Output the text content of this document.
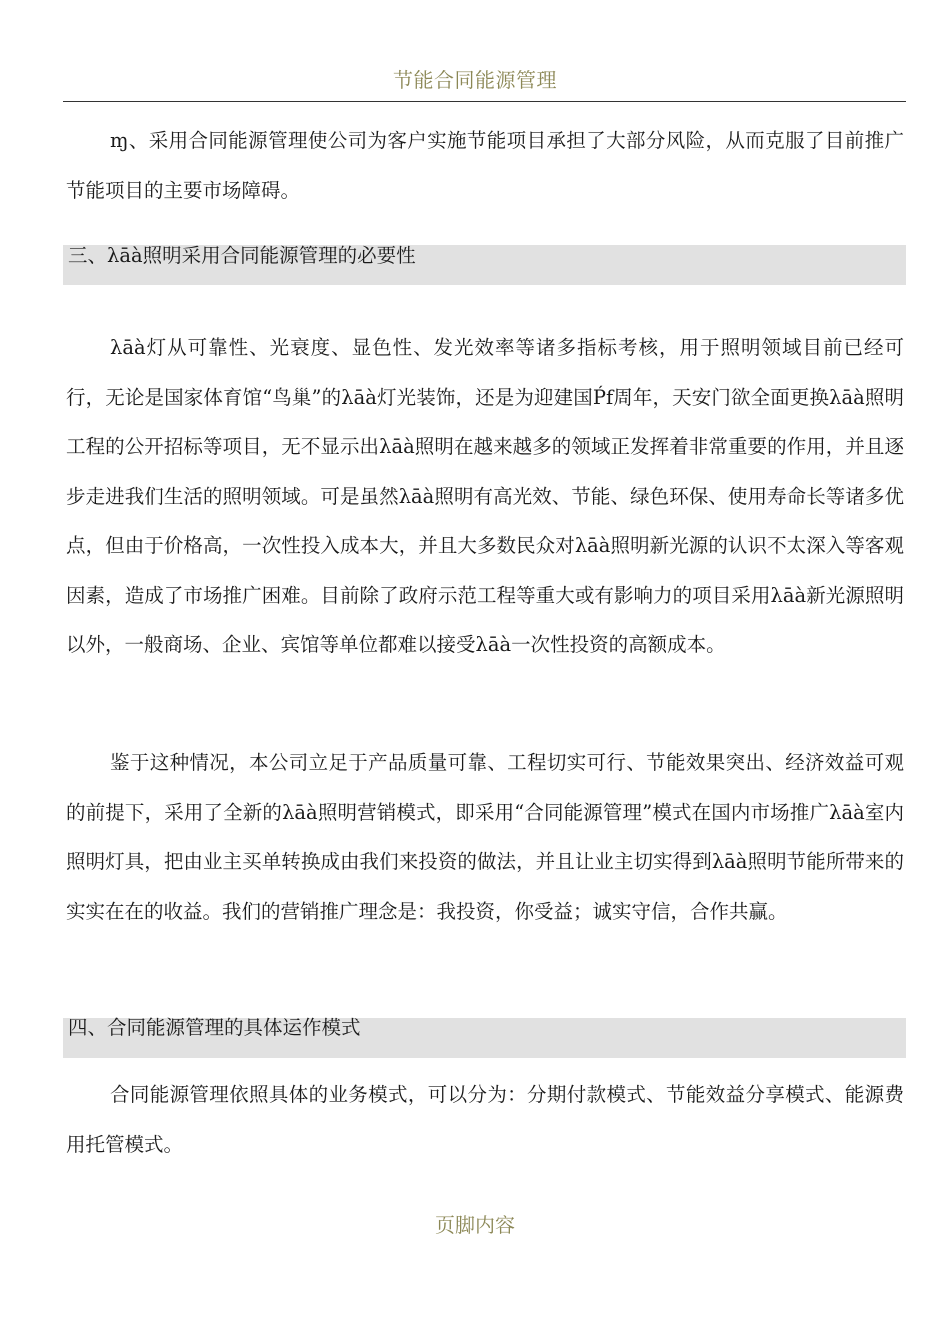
节能合同能源管理

ɱ、采用合同能源管理使公司为客户实施节能项目承担了大部分风险，从而克服了目前推广节能项目的主要市场障碍。

三、λāà照明采用合同能源管理的必要性

λāà灯从可靠性、光衰度、显色性、发光效率等诸多指标考核，用于照明领域目前已经可行，无论是国家体育馆“鸟巢”的λāà灯光装饰，还是为迎建国Ṕf周年，天安门欲全面更换λāà照明工程的公开招标等项目，无不显示出λāà照明在越来越多的领域正发挥着非常重要的作用，并且逐步走进我们生活的照明领域。可是虽然λāà照明有高光效、节能、绿色环保、使用寿命长等诸多优点，但由于价格高，一次性投入成本大，并且大多数民众对λāà照明新光源的认识不太深入等客观因素，造成了市场推广困难。目前除了政府示范工程等重大或有影响力的项目采用λāà新光源照明以外，一般商场、企业、宾馆等单位都难以接受λāà一次性投资的高额成本。

鉴于这种情况，本公司立足于产品质量可靠、工程切实可行、节能效果突出、经济效益可观的前提下，采用了全新的λāà照明营销模式，即采用“合同能源管理”模式在国内市场推广λāà室内照明灯具，把由业主买单转换成由我们来投资的做法，并且让业主切实得到λāà照明节能所带来的实实在在的收益。我们的营销推广理念是：我投资，你受益；诚实守信，合作共赢。

四、合同能源管理的具体运作模式

合同能源管理依照具体的业务模式，可以分为：分期付款模式、节能效益分享模式、能源费用托管模式。

页脚内容
